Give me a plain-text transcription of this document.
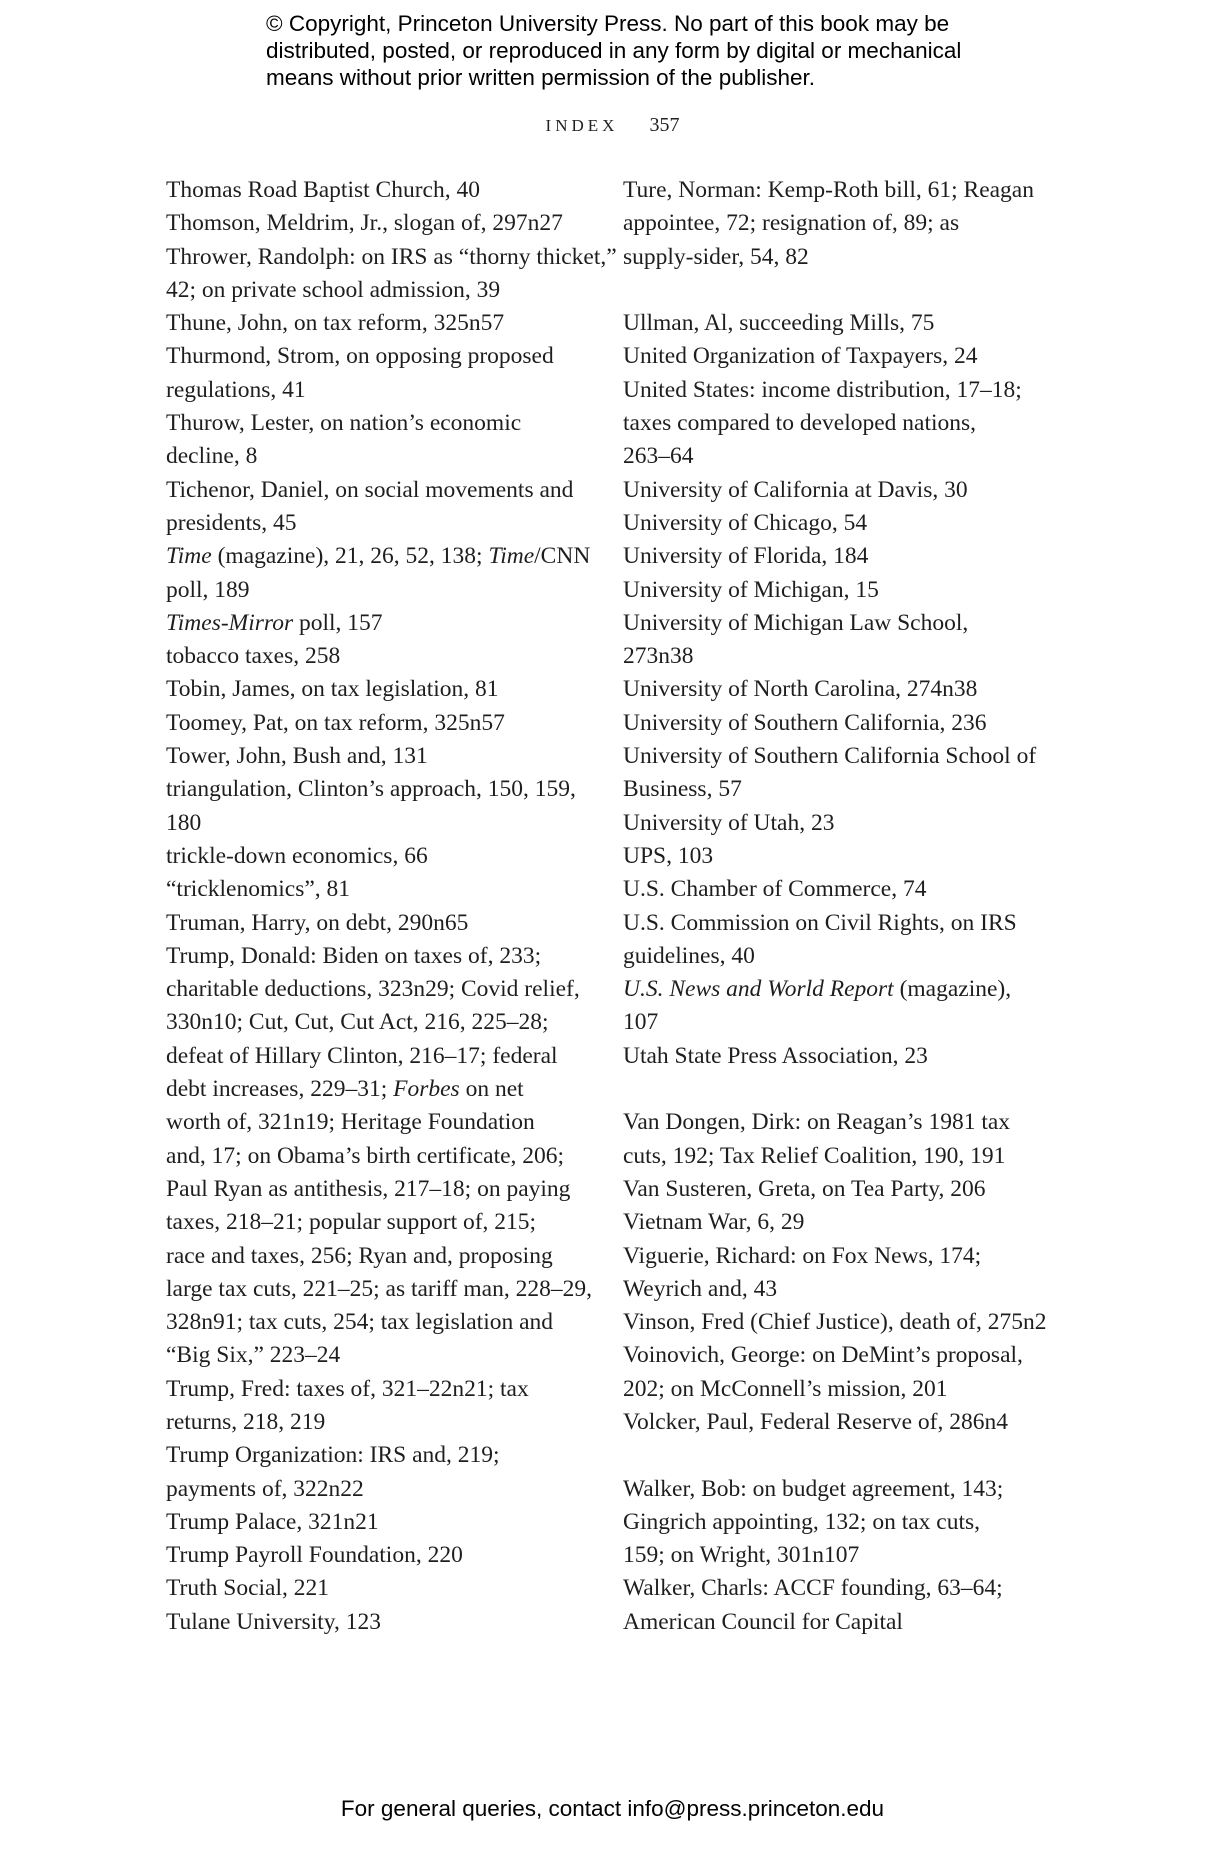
© Copyright, Princeton University Press. No part of this book may be
distributed, posted, or reproduced in any form by digital or mechanical
means without prior written permission of the publisher.
INDEX 357
Thomas Road Baptist Church, 40
Thomson, Meldrim, Jr., slogan of, 297n27
Thrower, Randolph: on IRS as “thorny thicket,”
42; on private school admission, 39
Thune, John, on tax reform, 325n57
Thurmond, Strom, on opposing proposed
regulations, 41
Thurow, Lester, on nation’s economic
decline, 8
Tichenor, Daniel, on social movements and
presidents, 45
Time (magazine), 21, 26, 52, 138; Time/CNN
poll, 189
Times-Mirror poll, 157
tobacco taxes, 258
Tobin, James, on tax legislation, 81
Toomey, Pat, on tax reform, 325n57
Tower, John, Bush and, 131
triangulation, Clinton’s approach, 150, 159,
180
trickle-down economics, 66
“tricklenomics”, 81
Truman, Harry, on debt, 290n65
Trump, Donald: Biden on taxes of, 233;
charitable deductions, 323n29; Covid relief,
330n10; Cut, Cut, Cut Act, 216, 225–28;
defeat of Hillary Clinton, 216–17; federal
debt increases, 229–31; Forbes on net
worth of, 321n19; Heritage Foundation
and, 17; on Obama’s birth certificate, 206;
Paul Ryan as antithesis, 217–18; on paying
taxes, 218–21; popular support of, 215;
race and taxes, 256; Ryan and, proposing
large tax cuts, 221–25; as tariff man, 228–29,
328n91; tax cuts, 254; tax legislation and
“Big Six,” 223–24
Trump, Fred: taxes of, 321–22n21; tax
returns, 218, 219
Trump Organization: IRS and, 219;
payments of, 322n22
Trump Palace, 321n21
Trump Payroll Foundation, 220
Truth Social, 221
Tulane University, 123
Ture, Norman: Kemp-Roth bill, 61; Reagan
appointee, 72; resignation of, 89; as
supply-sider, 54, 82
Ullman, Al, succeeding Mills, 75
United Organization of Taxpayers, 24
United States: income distribution, 17–18;
taxes compared to developed nations,
263–64
University of California at Davis, 30
University of Chicago, 54
University of Florida, 184
University of Michigan, 15
University of Michigan Law School,
273n38
University of North Carolina, 274n38
University of Southern California, 236
University of Southern California School of
Business, 57
University of Utah, 23
UPS, 103
U.S. Chamber of Commerce, 74
U.S. Commission on Civil Rights, on IRS
guidelines, 40
U.S. News and World Report (magazine),
107
Utah State Press Association, 23
Van Dongen, Dirk: on Reagan’s 1981 tax
cuts, 192; Tax Relief Coalition, 190, 191
Van Susteren, Greta, on Tea Party, 206
Vietnam War, 6, 29
Viguerie, Richard: on Fox News, 174;
Weyrich and, 43
Vinson, Fred (Chief Justice), death of, 275n2
Voinovich, George: on DeMint’s proposal,
202; on McConnell’s mission, 201
Volcker, Paul, Federal Reserve of, 286n4
Walker, Bob: on budget agreement, 143;
Gingrich appointing, 132; on tax cuts,
159; on Wright, 301n107
Walker, Charls: ACCF founding, 63–64;
American Council for Capital
For general queries, contact info@press.princeton.edu
